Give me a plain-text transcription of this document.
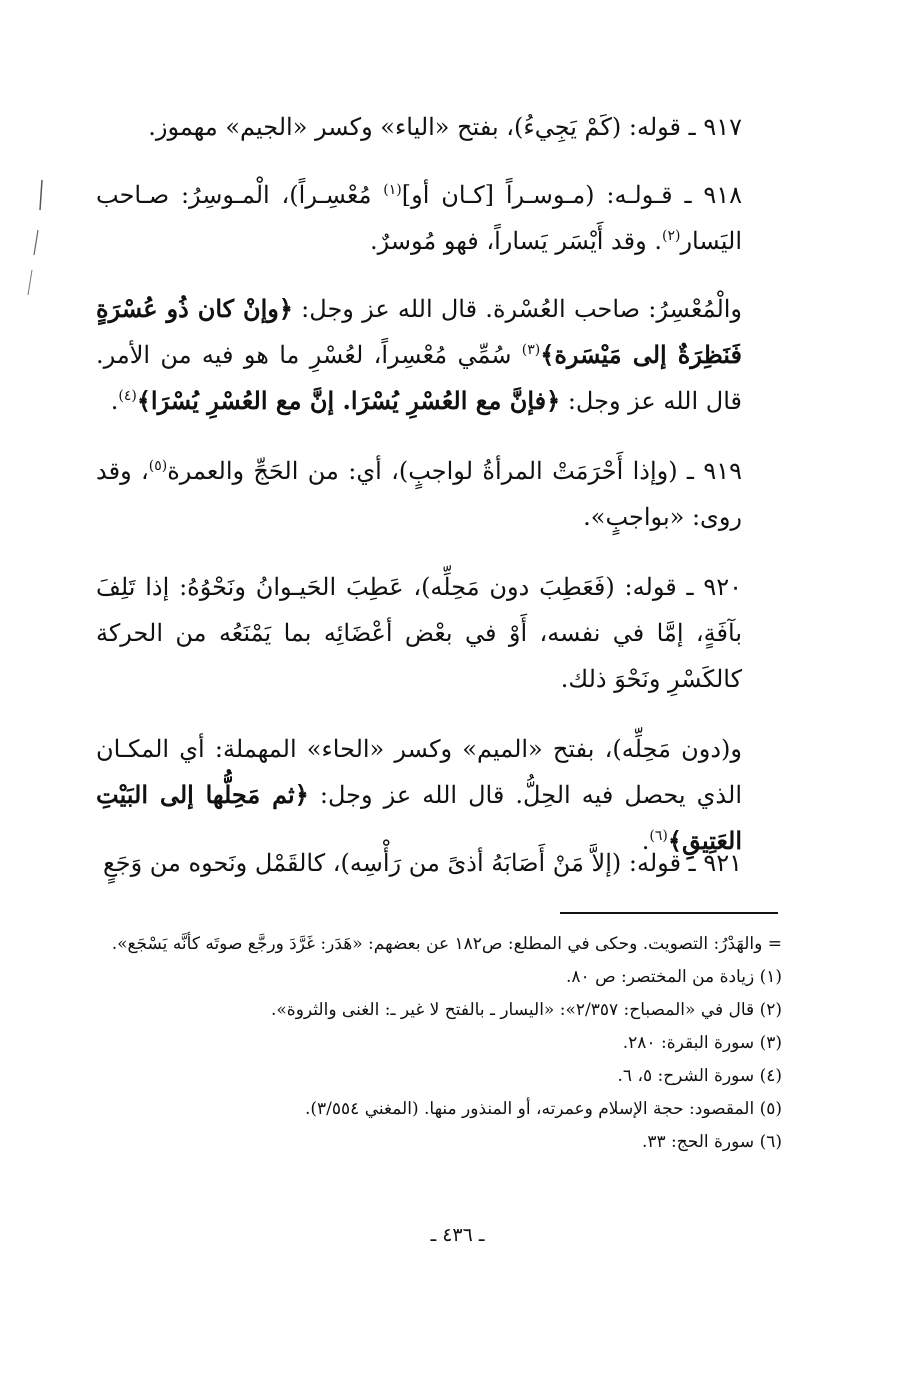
٩١٧ ـ قوله: (كَمْ يَجِيءُ)، بفتح «الياء» وكسر «الجيم» مهموز.
٩١٨ ـ قـولـه: (مـوسـراً [كـان أو]$^{(١)}$ مُعْسِـراً)، الْمـوسِرُ: صـاحب اليَسار$^{(٢)}$. وقد أَيْسَر يَساراً، فهو مُوسرٌ.
والْمُعْسِرُ: صاحب العُسْرة. قال الله عز وجل: ﴿وإنْ كان ذُو عُسْرَةٍ فَنَظِرَةٌ إلى مَيْسَرة﴾$^{(٣)}$ سُمِّي مُعْسِراً، لعُسْرِ ما هو فيه من الأمر. قال الله عز وجل: ﴿فإنَّ مع العُسْرِ يُسْرَا. إنَّ مع العُسْرِ يُسْرَا﴾$^{(٤)}$.
٩١٩ ـ (وإذا أَحْرَمَتْ المرأةُ لواجبٍ)، أي: من الحَجِّ والعمرة$^{(٥)}$، وقد روى: «بواجبٍ».
٩٢٠ ـ قوله: (فَعَطِبَ دون مَحِلِّه)، عَطِبَ الحَيـوانُ ونَحْوُهُ: إذا تَلِفَ بآفَةٍ، إمَّا في نفسه، أَوْ في بعْض أعْضَائِه بما يَمْنَعُه من الحركة كالكَسْرِ ونَحْوَ ذلك.
و(دون مَحِلِّه)، بفتح «الميم» وكسر «الحاء» المهملة: أي المكـان الذي يحصل فيه الحِلُّ. قال الله عز وجل: ﴿ثم مَحِلُّها إلى البَيْتِ العَتِيقِ﴾$^{(٦)}$.
٩٢١ ـ قوله: (إلاَّ مَنْ أَصَابَهُ أذىً من رَأْسِه)، كالقَمْل ونَحوه من وَجَعٍ
= والهَدْرُ: التصويت. وحكى في المطلع: ص١٨٢ عن بعضهم: «هَدَر: غَرَّدَ ورجَّع صوتَه كأنَّه يَسْجَع».
(١) زيادة من المختصر: ص ٨٠.
(٢) قال في «المصباح: ٢/٣٥٧»: «اليسار ـ بالفتح لا غير ـ: الغنى والثروة».
(٣) سورة البقرة: ٢٨٠.
(٤) سورة الشرح: ٥، ٦.
(٥) المقصود: حجة الإسلام وعمرته، أو المنذور منها. (المغني ٣/٥٥٤).
(٦) سورة الحج: ٣٣.
ـ ٤٣٦ ـ
